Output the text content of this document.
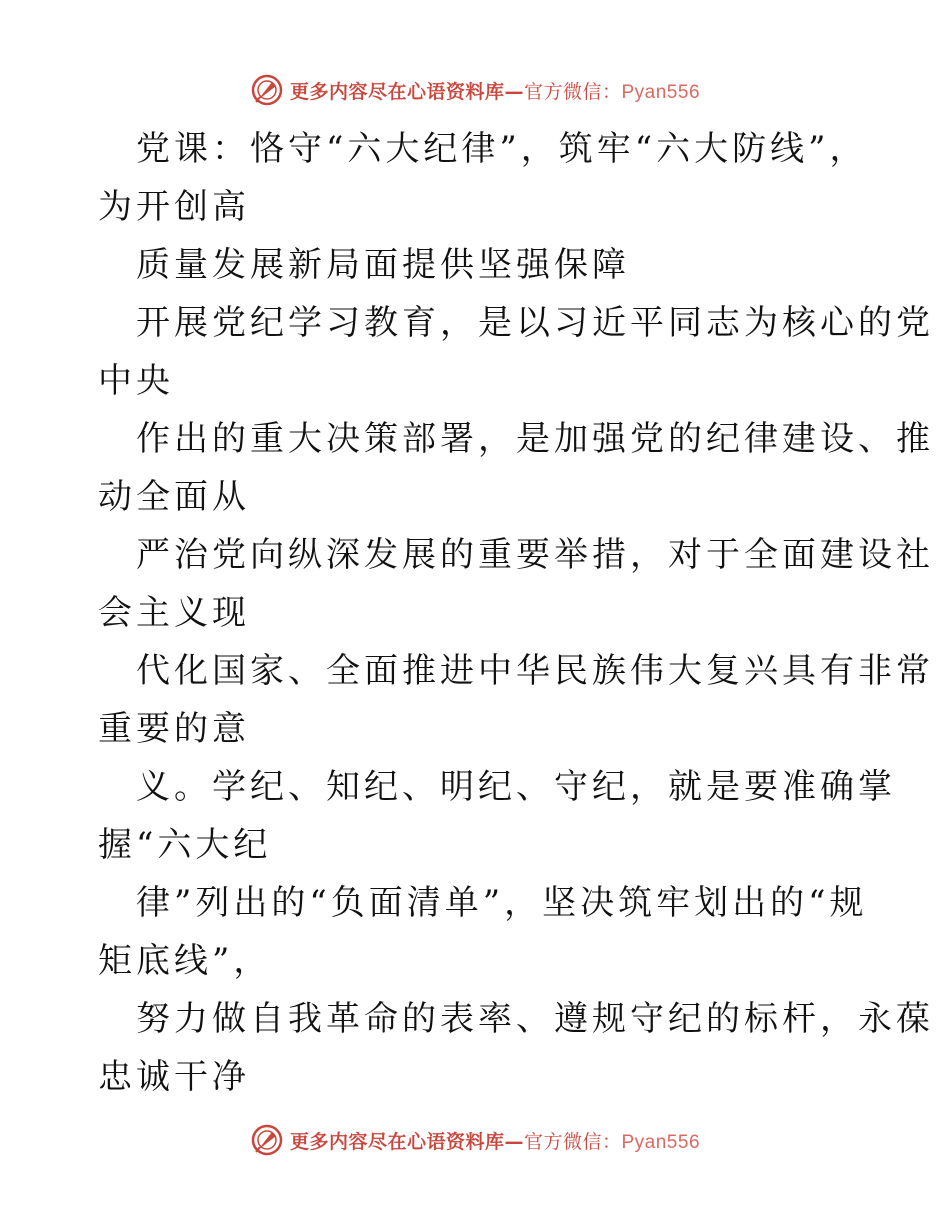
更多内容尽在心语资料库—官方微信：Pyan556
党课：恪守“六大纪律”，筑牢“六大防线”，
为开创高
质量发展新局面提供坚强保障
开展党纪学习教育，是以习近平同志为核心的党
中央
作出的重大决策部署，是加强党的纪律建设、推
动全面从
严治党向纵深发展的重要举措，对于全面建设社
会主义现
代化国家、全面推进中华民族伟大复兴具有非常
重要的意
义。学纪、知纪、明纪、守纪，就是要准确掌
握“六大纪
律”列出的“负面清单”，坚决筑牢划出的“规
矩底线”，
努力做自我革命的表率、遵规守纪的标杆，永葆
忠诚干净
更多内容尽在心语资料库—官方微信：Pyan556
